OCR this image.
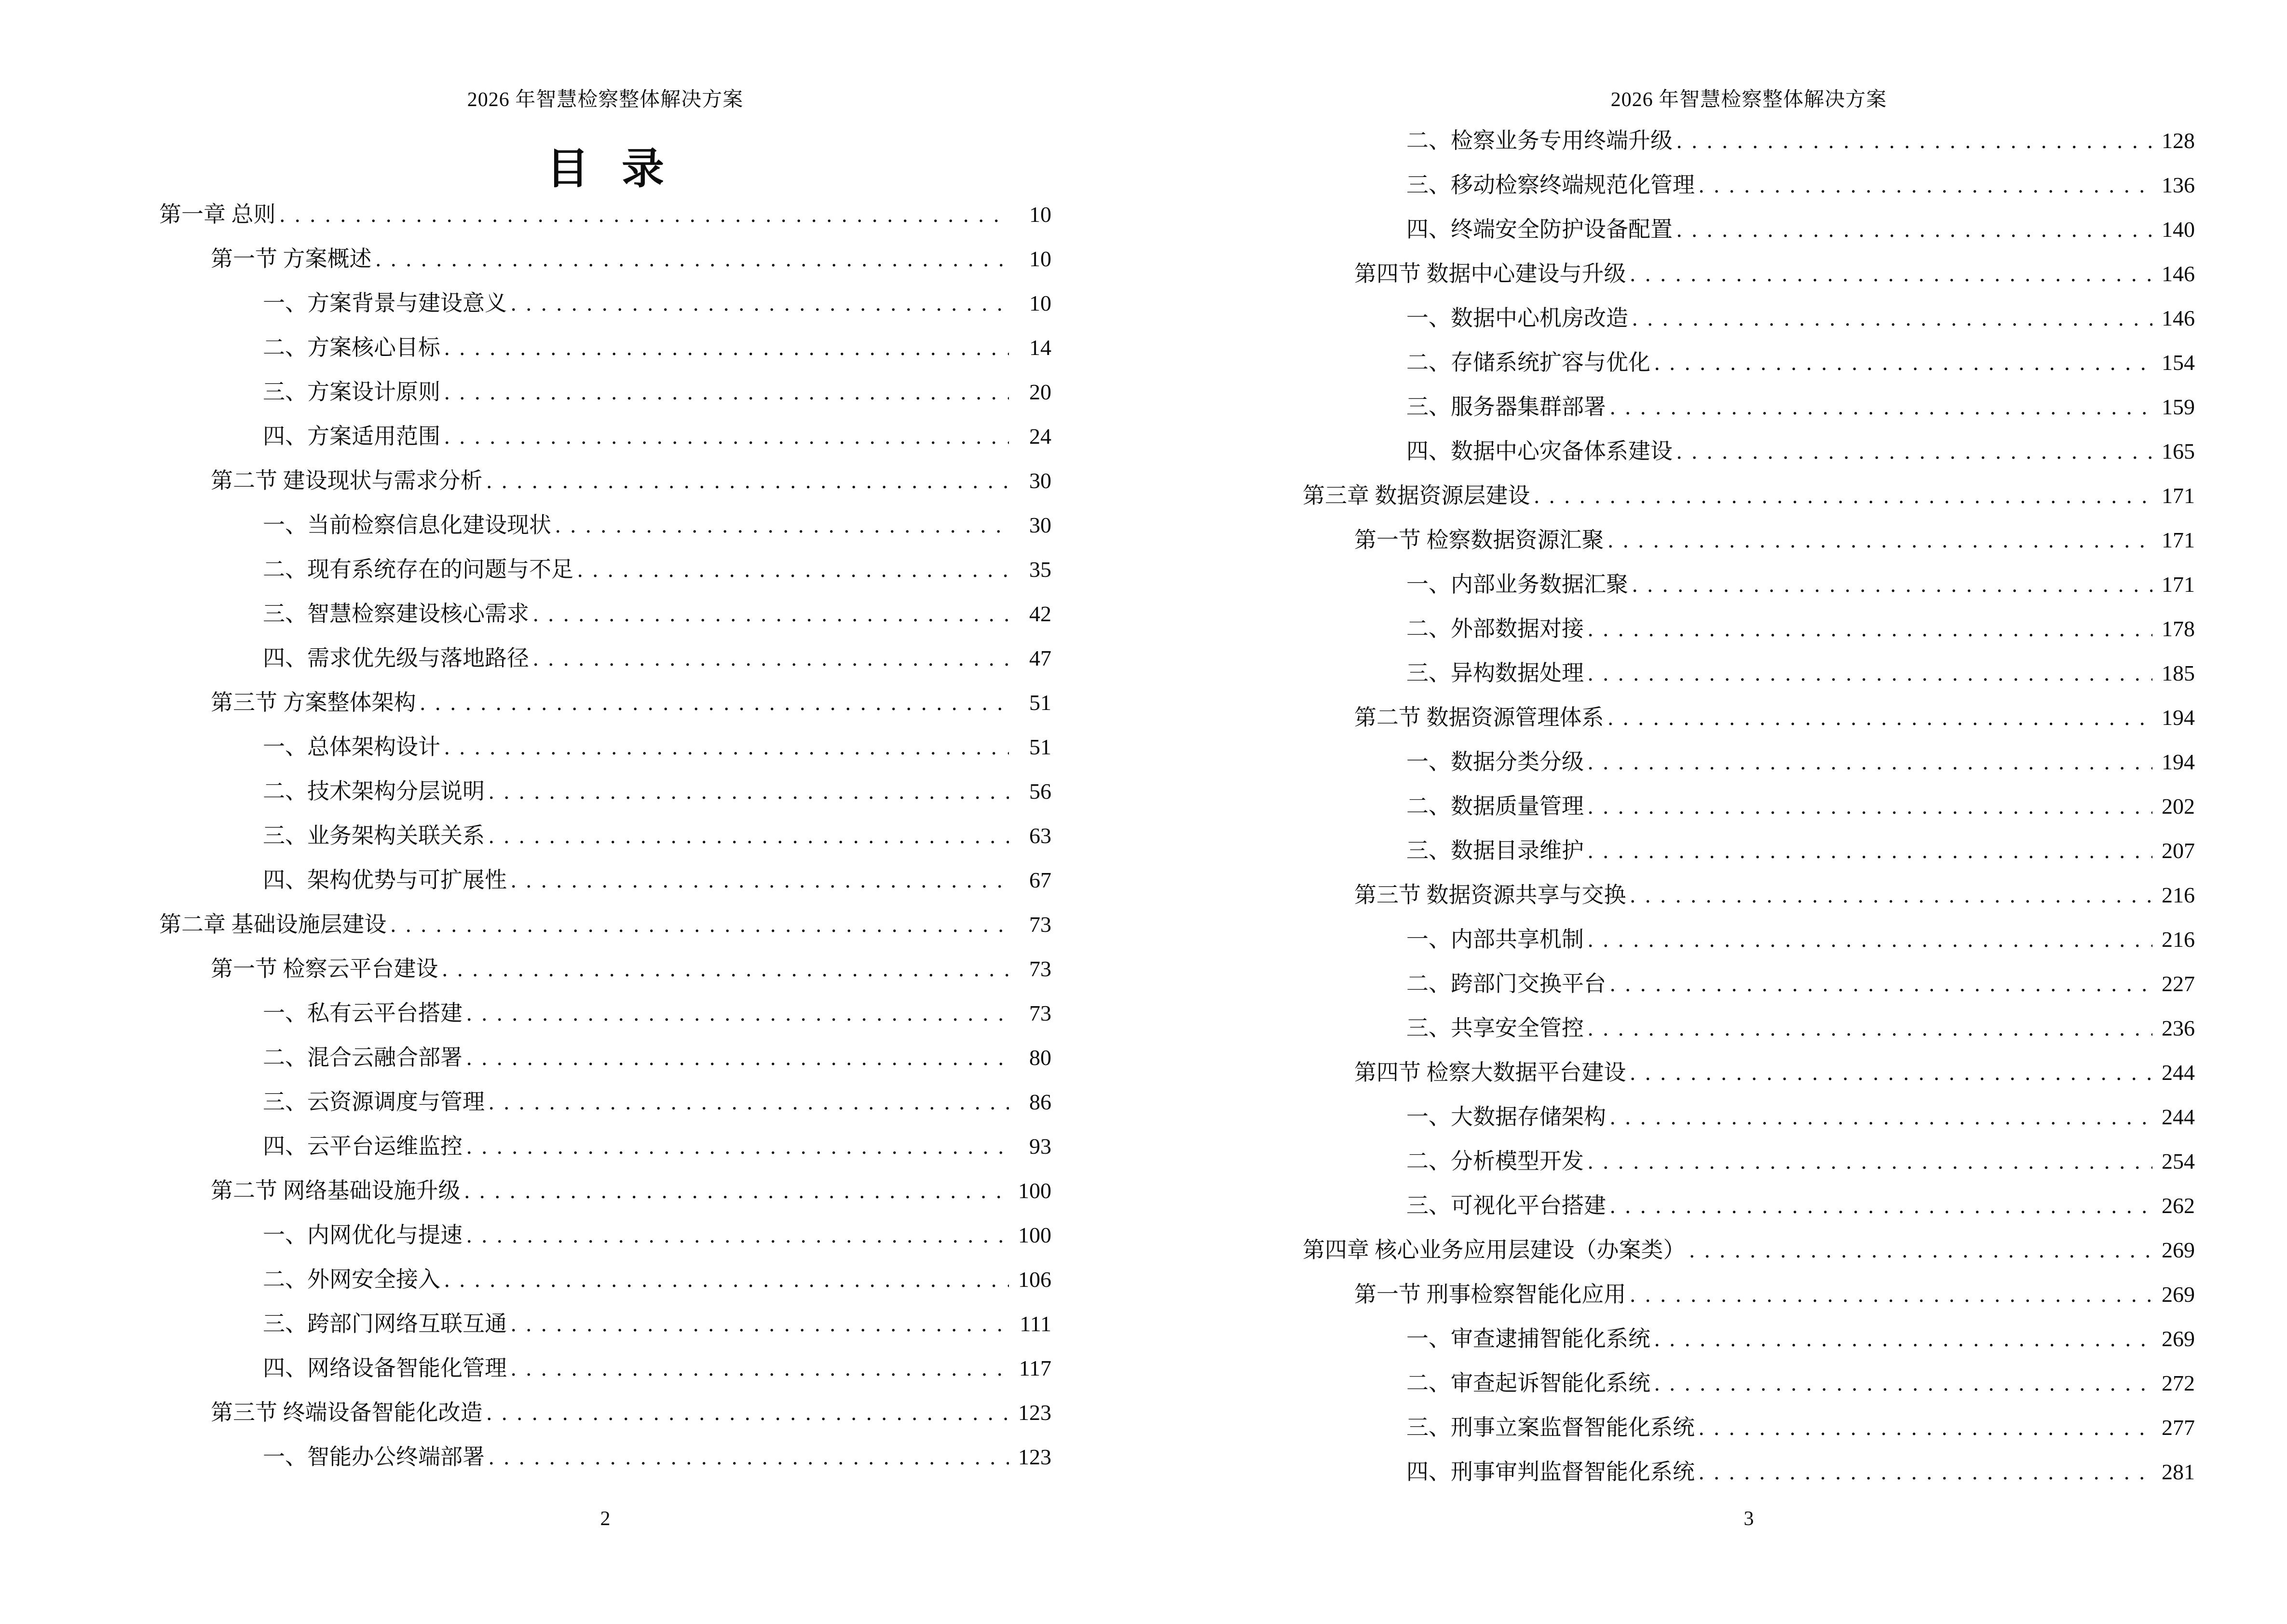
2026 年智慧检察整体解决方案
目 录
第一章 总则 .....	10
第一节 方案概述 .....	10
一、方案背景与建设意义 .....	10
二、方案核心目标 .....	14
三、方案设计原则 .....	20
四、方案适用范围 .....	24
第二节 建设现状与需求分析 .....	30
一、当前检察信息化建设现状 .....	30
二、现有系统存在的问题与不足 .....	35
三、智慧检察建设核心需求 .....	42
四、需求优先级与落地路径 .....	47
第三节 方案整体架构 .....	51
一、总体架构设计 .....	51
二、技术架构分层说明 .....	56
三、业务架构关联关系 .....	63
四、架构优势与可扩展性 .....	67
第二章 基础设施层建设 .....	73
第一节 检察云平台建设 .....	73
一、私有云平台搭建 .....	73
二、混合云融合部署 .....	80
三、云资源调度与管理 .....	86
四、云平台运维监控 .....	93
第二节 网络基础设施升级 .....	100
一、内网优化与提速 .....	100
二、外网安全接入 .....	106
三、跨部门网络互联互通 .....	111
四、网络设备智能化管理 .....	117
第三节 终端设备智能化改造 .....	123
一、智能办公终端部署 .....	123
2
2026 年智慧检察整体解决方案
二、检察业务专用终端升级 .....	128
三、移动检察终端规范化管理 .....	136
四、终端安全防护设备配置 .....	140
第四节 数据中心建设与升级 .....	146
一、数据中心机房改造 .....	146
二、存储系统扩容与优化 .....	154
三、服务器集群部署 .....	159
四、数据中心灾备体系建设 .....	165
第三章 数据资源层建设 .....	171
第一节 检察数据资源汇聚 .....	171
一、内部业务数据汇聚 .....	171
二、外部数据对接 .....	178
三、异构数据处理 .....	185
第二节 数据资源管理体系 .....	194
一、数据分类分级 .....	194
二、数据质量管理 .....	202
三、数据目录维护 .....	207
第三节 数据资源共享与交换 .....	216
一、内部共享机制 .....	216
二、跨部门交换平台 .....	227
三、共享安全管控 .....	236
第四节 检察大数据平台建设 .....	244
一、大数据存储架构 .....	244
二、分析模型开发 .....	254
三、可视化平台搭建 .....	262
第四章 核心业务应用层建设（办案类） .....	269
第一节 刑事检察智能化应用 .....	269
一、审查逮捕智能化系统 .....	269
二、审查起诉智能化系统 .....	272
三、刑事立案监督智能化系统 .....	277
四、刑事审判监督智能化系统 .....	281
3
